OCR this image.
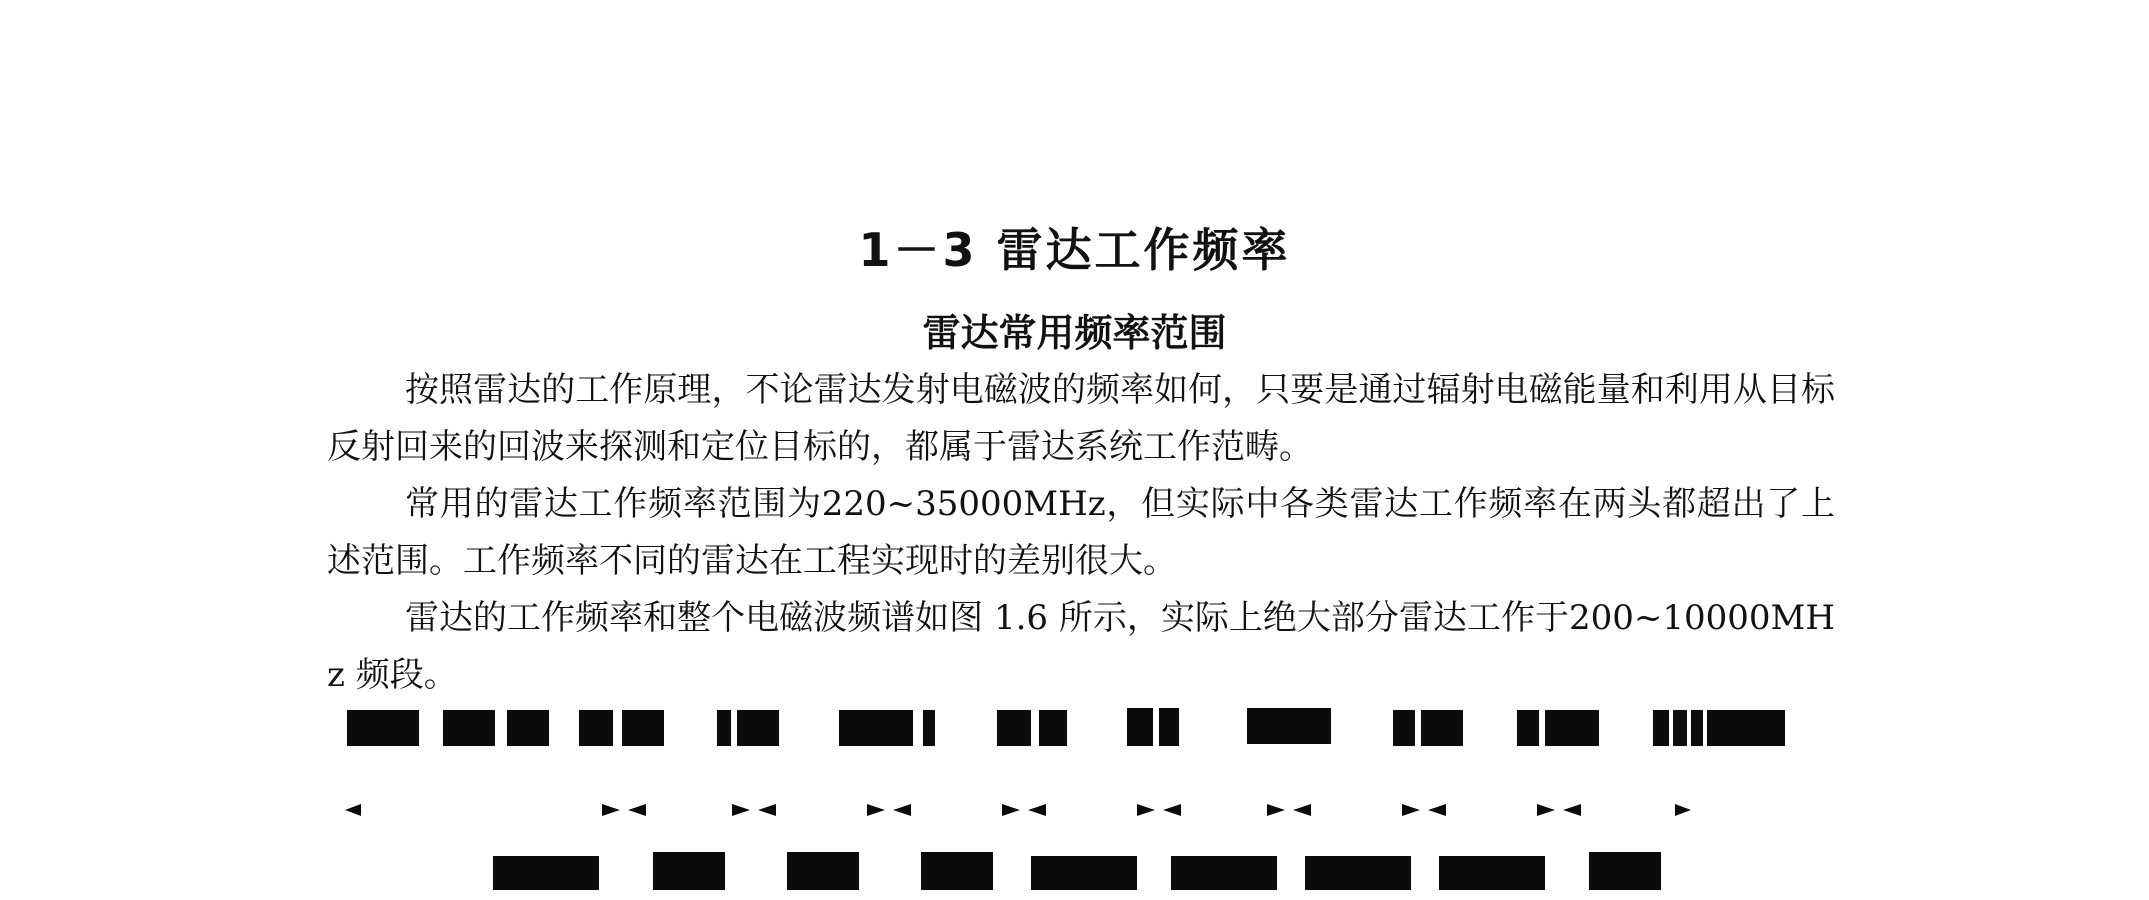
1－3 雷达工作频率
雷达常用频率范围

按照雷达的工作原理，不论雷达发射电磁波的频率如何，只要是通过辐射电磁能量和利用从目标反射回来的回波来探测和定位目标的，都属于雷达系统工作范畴。

常用的雷达工作频率范围为220~35000MHz，但实际中各类雷达工作频率在两头都超出了上述范围。工作频率不同的雷达在工程实现时的差别很大。

雷达的工作频率和整个电磁波频谱如图 1.6 所示，实际上绝大部分雷达工作于200~10000MHz 频段。
